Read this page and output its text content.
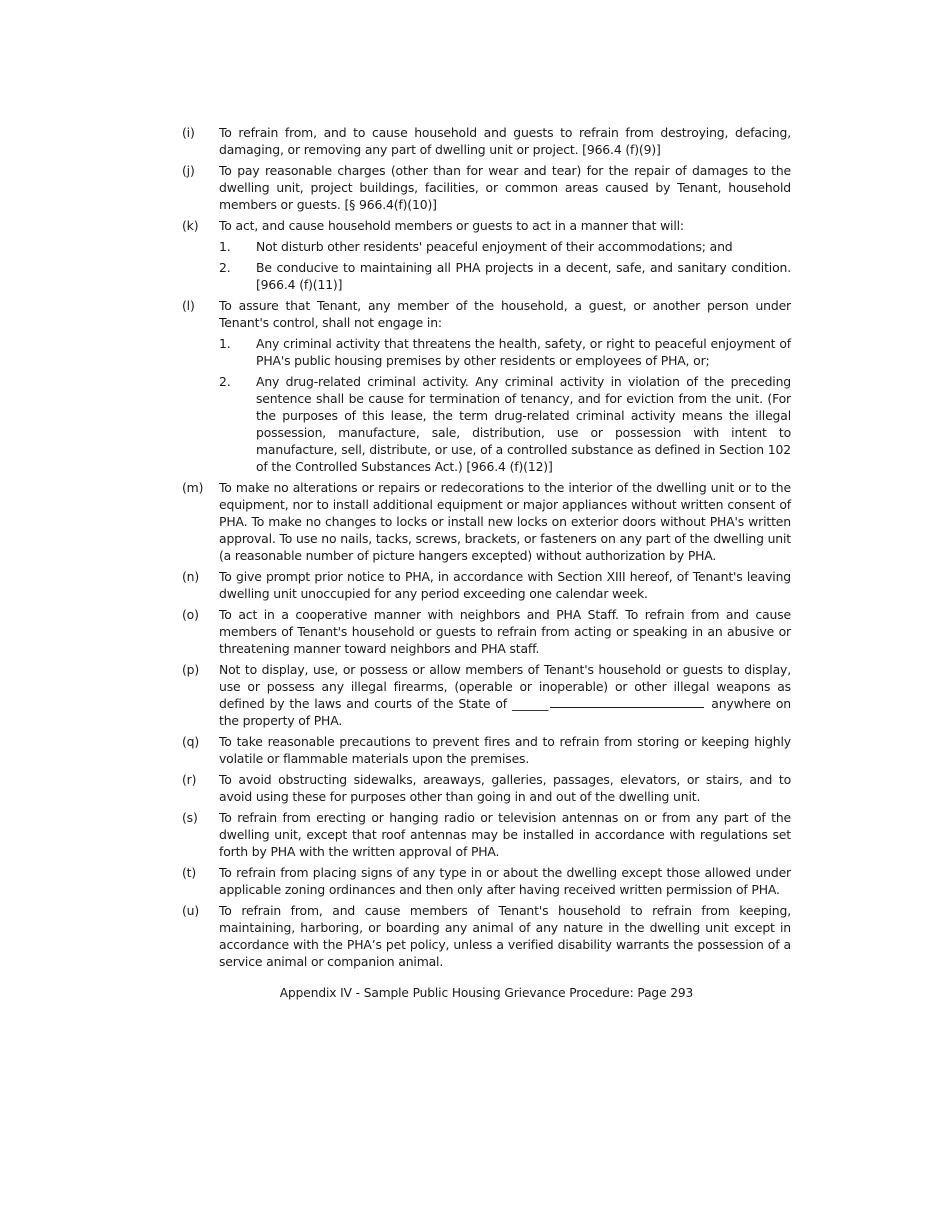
(i)	To refrain from, and to cause household and guests to refrain from destroying, defacing, damaging, or removing any part of dwelling unit or project. [966.4 (f)(9)]

(j)	To pay reasonable charges (other than for wear and tear) for the repair of damages to the dwelling unit, project buildings, facilities, or common areas caused by Tenant, household members or guests. [§ 966.4(f)(10)]

(k)	To act, and cause household members or guests to act in a manner that will:

1.	Not disturb other residents' peaceful enjoyment of their accommodations; and
2.	Be conducive to maintaining all PHA projects in a decent, safe, and sanitary condition. [966.4 (f)(11)]
(l)	To assure that Tenant, any member of the household, a guest, or another person under Tenant's control, shall not engage in:

1.	Any criminal activity that threatens the health, safety, or right to peaceful enjoyment of PHA's public housing premises by other residents or employees of PHA, or;
2.	Any drug-related criminal activity. Any criminal activity in violation of the preceding sentence shall be cause for termination of tenancy, and for eviction from the unit. (For the purposes of this lease, the term drug-related criminal activity means the illegal possession, manufacture, sale, distribution, use or possession with intent to manufacture, sell, distribute, or use, of a controlled substance as defined in Section 102 of the Controlled Substances Act.) [966.4 (f)(12)]
(m)	To make no alterations or repairs or redecorations to the interior of the dwelling unit or to the equipment, nor to install additional equipment or major appliances without written consent of PHA. To make no changes to locks or install new locks on exterior doors without PHA's written approval. To use no nails, tacks, screws, brackets, or fasteners on any part of the dwelling unit (a reasonable number of picture hangers excepted) without authorization by PHA.

(n)	To give prompt prior notice to PHA, in accordance with Section XIII hereof, of Tenant's leaving dwelling unit unoccupied for any period exceeding one calendar week.

(o)	To act in a cooperative manner with neighbors and PHA Staff. To refrain from and cause members of Tenant's household or guests to refrain from acting or speaking in an abusive or threatening manner toward neighbors and PHA staff.

(p)	Not to display, use, or possess or allow members of Tenant's household or guests to display, use or possess any illegal firearms, (operable or inoperable) or other illegal weapons as defined by the laws and courts of the State of ______	anywhere on the property of PHA.

(q)	To take reasonable precautions to prevent fires and to refrain from storing or keeping highly volatile or flammable materials upon the premises.

(r)	To avoid obstructing sidewalks, areaways, galleries, passages, elevators, or stairs, and to avoid using these for purposes other than going in and out of the dwelling unit.

(s)	To refrain from erecting or hanging radio or television antennas on or from any part of the dwelling unit, except that roof antennas may be installed in accordance with regulations set forth by PHA with the written approval of PHA.

(t)	To refrain from placing signs of any type in or about the dwelling except those allowed under applicable zoning ordinances and then only after having received written permission of PHA.

(u)	To refrain from, and cause members of Tenant's household to refrain from keeping, maintaining, harboring, or boarding any animal of any nature in the dwelling unit except in accordance with the PHA’s pet policy, unless a verified disability warrants the possession of a service animal or companion animal.

Appendix IV - Sample Public Housing Grievance Procedure: Page 293
